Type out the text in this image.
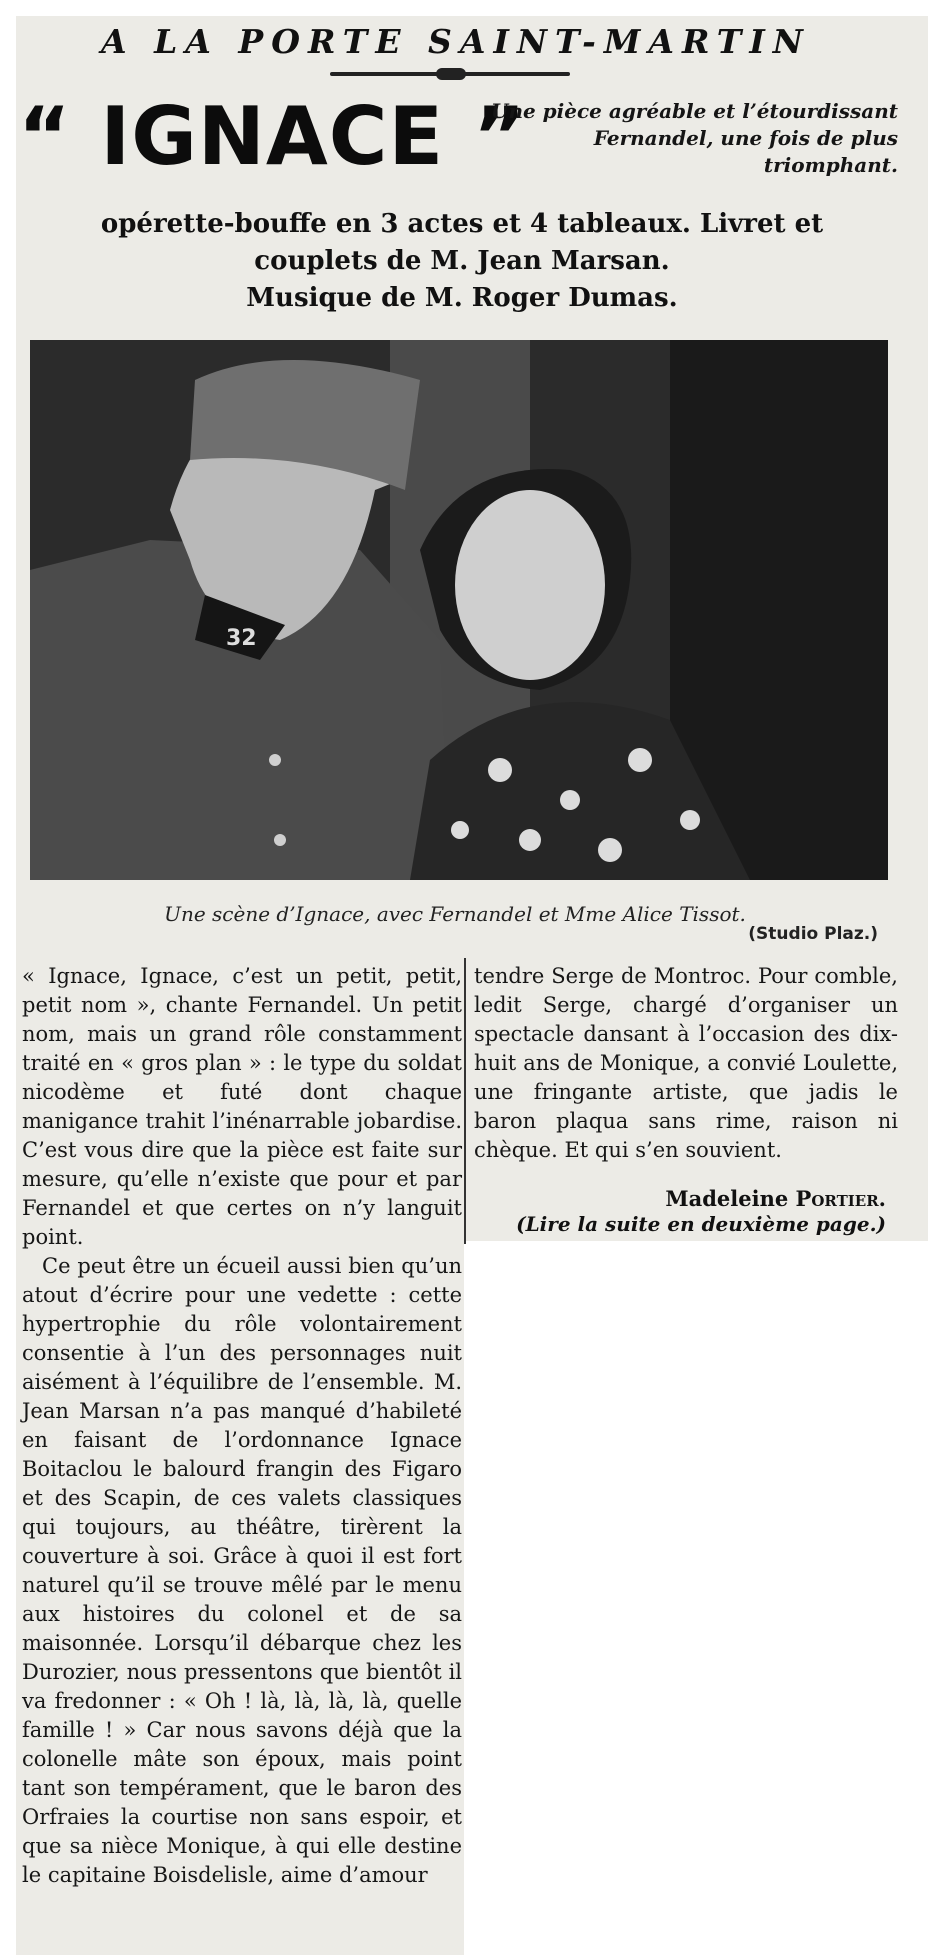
A LA PORTE SAINT-MARTIN
“ IGNACE ”
Une pièce agréable et l’étourdissant Fernandel, une fois de plus triomphant.
opérette-bouffe en 3 actes et 4 tableaux. Livret et
couplets de M. Jean Marsan.
Musique de M. Roger Dumas.
32
Une scène d’Ignace, avec Fernandel et Mme Alice Tissot.
(Studio Plaz.)

« Ignace, Ignace, c’est un petit, petit, petit nom », chante Fernandel. Un petit nom, mais un grand rôle constamment traité en « gros plan » : le type du soldat nicodème et futé dont chaque manigance trahit l’inénarrable jobardise. C’est vous dire que la pièce est faite sur mesure, qu’elle n’existe que pour et par Fernandel et que certes on n’y languit point.

Ce peut être un écueil aussi bien qu’un atout d’écrire pour une vedette : cette hypertrophie du rôle volontairement consentie à l’un des personnages nuit aisément à l’équilibre de l’ensemble. M. Jean Marsan n’a pas manqué d’habileté en faisant de l’ordonnance Ignace Boitaclou le balourd frangin des Figaro et des Scapin, de ces valets classiques qui toujours, au théâtre, tirèrent la couverture à soi. Grâce à quoi il est fort naturel qu’il se trouve mêlé par le menu aux histoires du colonel et de sa maisonnée. Lorsqu’il débarque chez les Durozier, nous pressentons que bientôt il va fredonner : « Oh ! là, là, là, là, quelle famille ! » Car nous savons déjà que la colonelle mâte son époux, mais point tant son tempérament, que le baron des Orfraies la courtise non sans espoir, et que sa nièce Monique, à qui elle destine le capitaine Boisdelisle, aime d’amour

tendre Serge de Montroc. Pour comble, ledit Serge, chargé d’organiser un spectacle dansant à l’occasion des dix-huit ans de Monique, a convié Loulette, une fringante artiste, que jadis le baron plaqua sans rime, raison ni chèque. Et qui s’en souvient.

Madeleine Portier.
(Lire la suite en deuxième page.)
